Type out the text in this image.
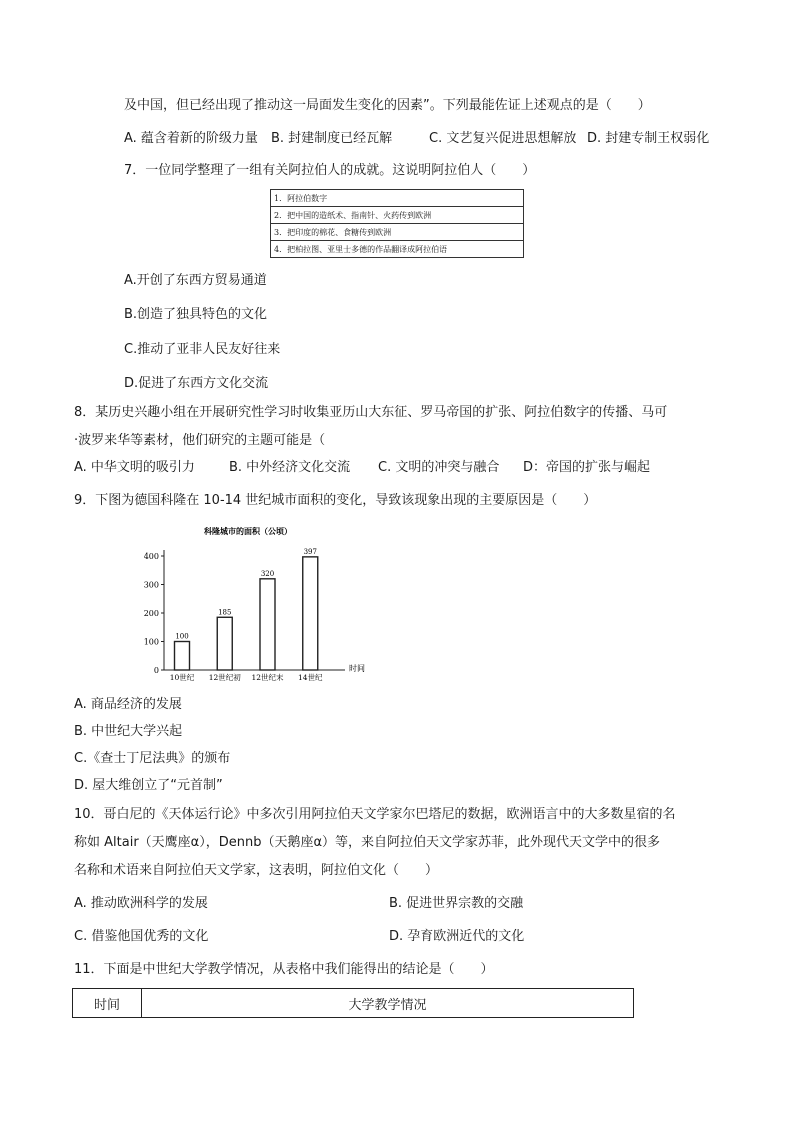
及中国，但已经出现了推动这一局面发生变化的因素”。下列最能佐证上述观点的是（　　）
A. 蕴含着新的阶级力量 B. 封建制度已经瓦解	C. 文艺复兴促进思想解放 D. 封建专制王权弱化
7．一位同学整理了一组有关阿拉伯人的成就。这说明阿拉伯人（　　）
1．阿拉伯数字
2．把中国的造纸术、指南针、火药传到欧洲
3．把印度的棉花、食糖传到欧洲
4．把柏拉图、亚里士多德的作品翻译成阿拉伯语
A.开创了东西方贸易通道
B.创造了独具特色的文化
C.推动了亚非人民友好往来
D.促进了东西方文化交流
8．某历史兴趣小组在开展研究性学习时收集亚历山大东征、罗马帝国的扩张、阿拉伯数字的传播、马可
·波罗来华等素材，他们研究的主题可能是（
A. 中华文明的吸引力	B. 中外经济文化交流 C. 文明的冲突与融合 D：帝国的扩张与崛起
9．下图为德国科隆在 10-14 世纪城市面积的变化，导致该现象出现的主要原因是（　　）
科隆城市的面积（公顷）
0
100
200
300
400
100
185
320
397
10世纪 12世纪初 12世纪末 14世纪
时间
A. 商品经济的发展
B. 中世纪大学兴起
C.《查士丁尼法典》的颁布
D. 屋大维创立了“元首制”
10．哥白尼的《天体运行论》中多次引用阿拉伯天文学家尔巴塔尼的数据，欧洲语言中的大多数星宿的名
称如 Altair（天鹰座α），Dennb（天鹅座α）等，来自阿拉伯天文学家苏菲，此外现代天文学中的很多
名称和术语来自阿拉伯天文学家，这表明，阿拉伯文化（　　）
A. 推动欧洲科学的发展	B. 促进世界宗教的交融
C. 借鉴他国优秀的文化	D. 孕育欧洲近代的文化
11．下面是中世纪大学教学情况，从表格中我们能得出的结论是（　　）
时间	大学教学情况
